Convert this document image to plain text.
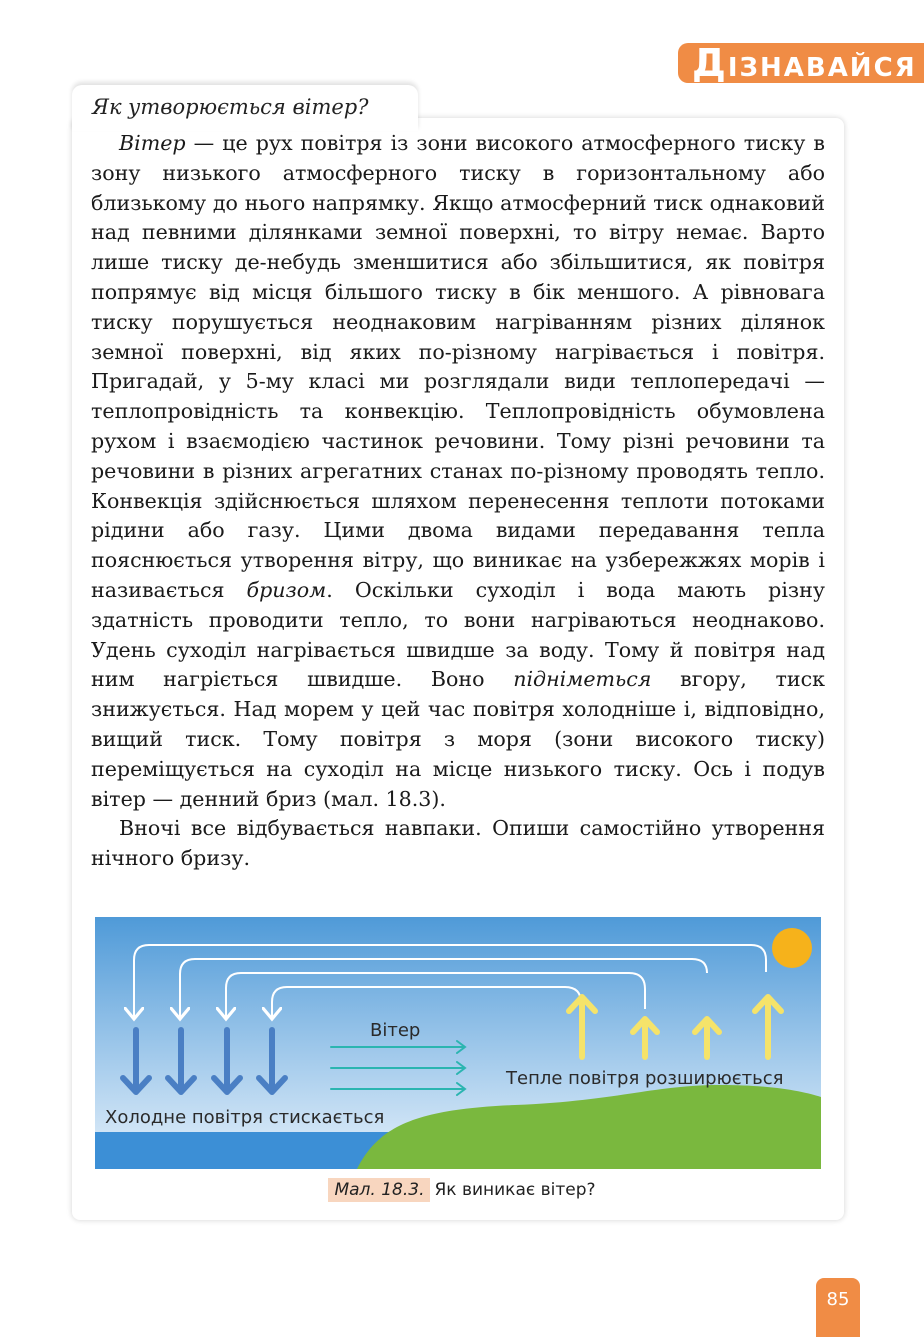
ДІЗНАВАЙСЯ
Як утворюється вітер?

Вітер — це рух повітря із зони високого атмосферного тиску в зону низького атмосферного тиску в горизонтальному або близькому до нього напрямку. Якщо атмосферний тиск однаковий над певними ділянками земної поверхні, то вітру немає. Варто лише тиску де-небудь зменшитися або збільшитися, як повітря попрямує від місця більшого тиску в бік меншого. А рівновага тиску порушується неоднаковим нагріванням різних ділянок земної поверхні, від яких по-різному нагрівається і повітря. Пригадай, у 5-му класі ми розглядали види теплопередачі — теплопровідність та конвекцію. Теплопровідність обумовлена рухом і взаємодією частинок речовини. Тому різні речовини та речовини в різних агрегатних станах по-різному проводять тепло. Конвекція здійснюється шляхом перенесення теплоти потоками рідини або газу. Цими двома видами передавання тепла пояснюється утворення вітру, що виникає на узбережжях морів і називається бризом. Оскільки суходіл і вода мають різну здатність проводити тепло, то вони нагріваються неоднаково. Удень суходіл нагрівається швидше за воду. Тому й повітря над ним нагріється швидше. Воно підніметься вгору, тиск знижується. Над морем у цей час повітря холодніше і, відповідно, вищий тиск. Тому повітря з моря (зони високого тиску) переміщується на суходіл на місце низького тиску. Ось і подув вітер — денний бриз (мал. 18.3).

Вночі все відбувається навпаки. Опиши самостійно утворення нічного бризу.

Вітер
Тепле повітря розширюється
Холодне повітря стискається
Мал. 18.3. Як виникає вітер?
85
